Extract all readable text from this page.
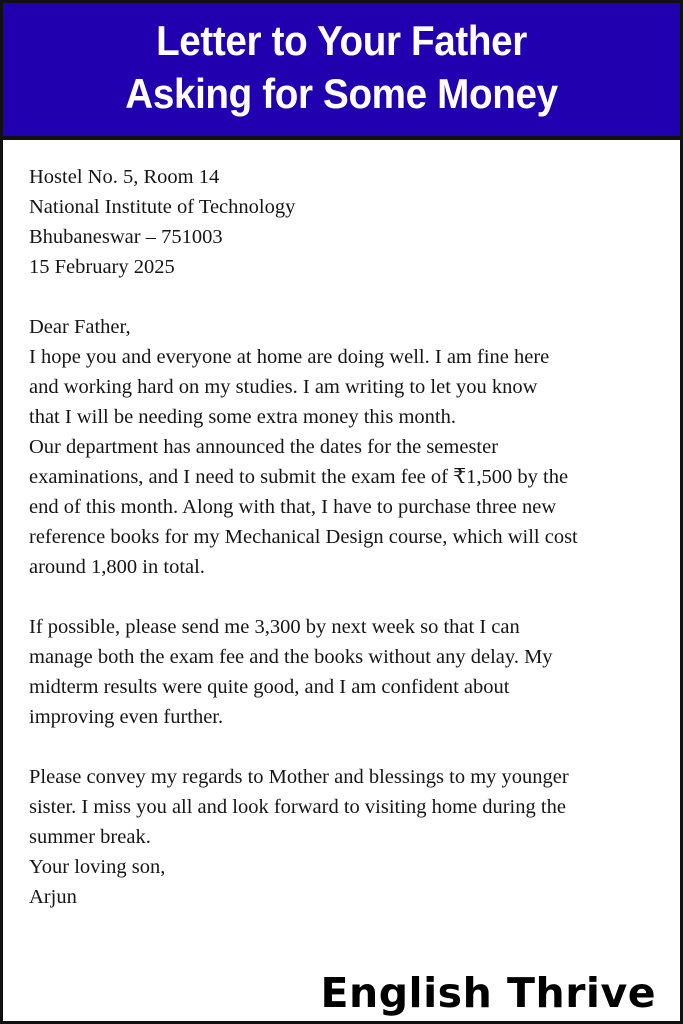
Letter to Your Father
Asking for Some Money
Hostel No. 5, Room 14
National Institute of Technology
Bhubaneswar – 751003
15 February 2025
Dear Father,
I hope you and everyone at home are doing well. I am fine here
and working hard on my studies. I am writing to let you know
that I will be needing some extra money this month.
Our department has announced the dates for the semester
examinations, and I need to submit the exam fee of ₹1,500 by the
end of this month. Along with that, I have to purchase three new
reference books for my Mechanical Design course, which will cost
around 1,800 in total.
If possible, please send me 3,300 by next week so that I can
manage both the exam fee and the books without any delay. My
midterm results were quite good, and I am confident about
improving even further.
Please convey my regards to Mother and blessings to my younger
sister. I miss you all and look forward to visiting home during the
summer break.
Your loving son,
Arjun
English Thrive
